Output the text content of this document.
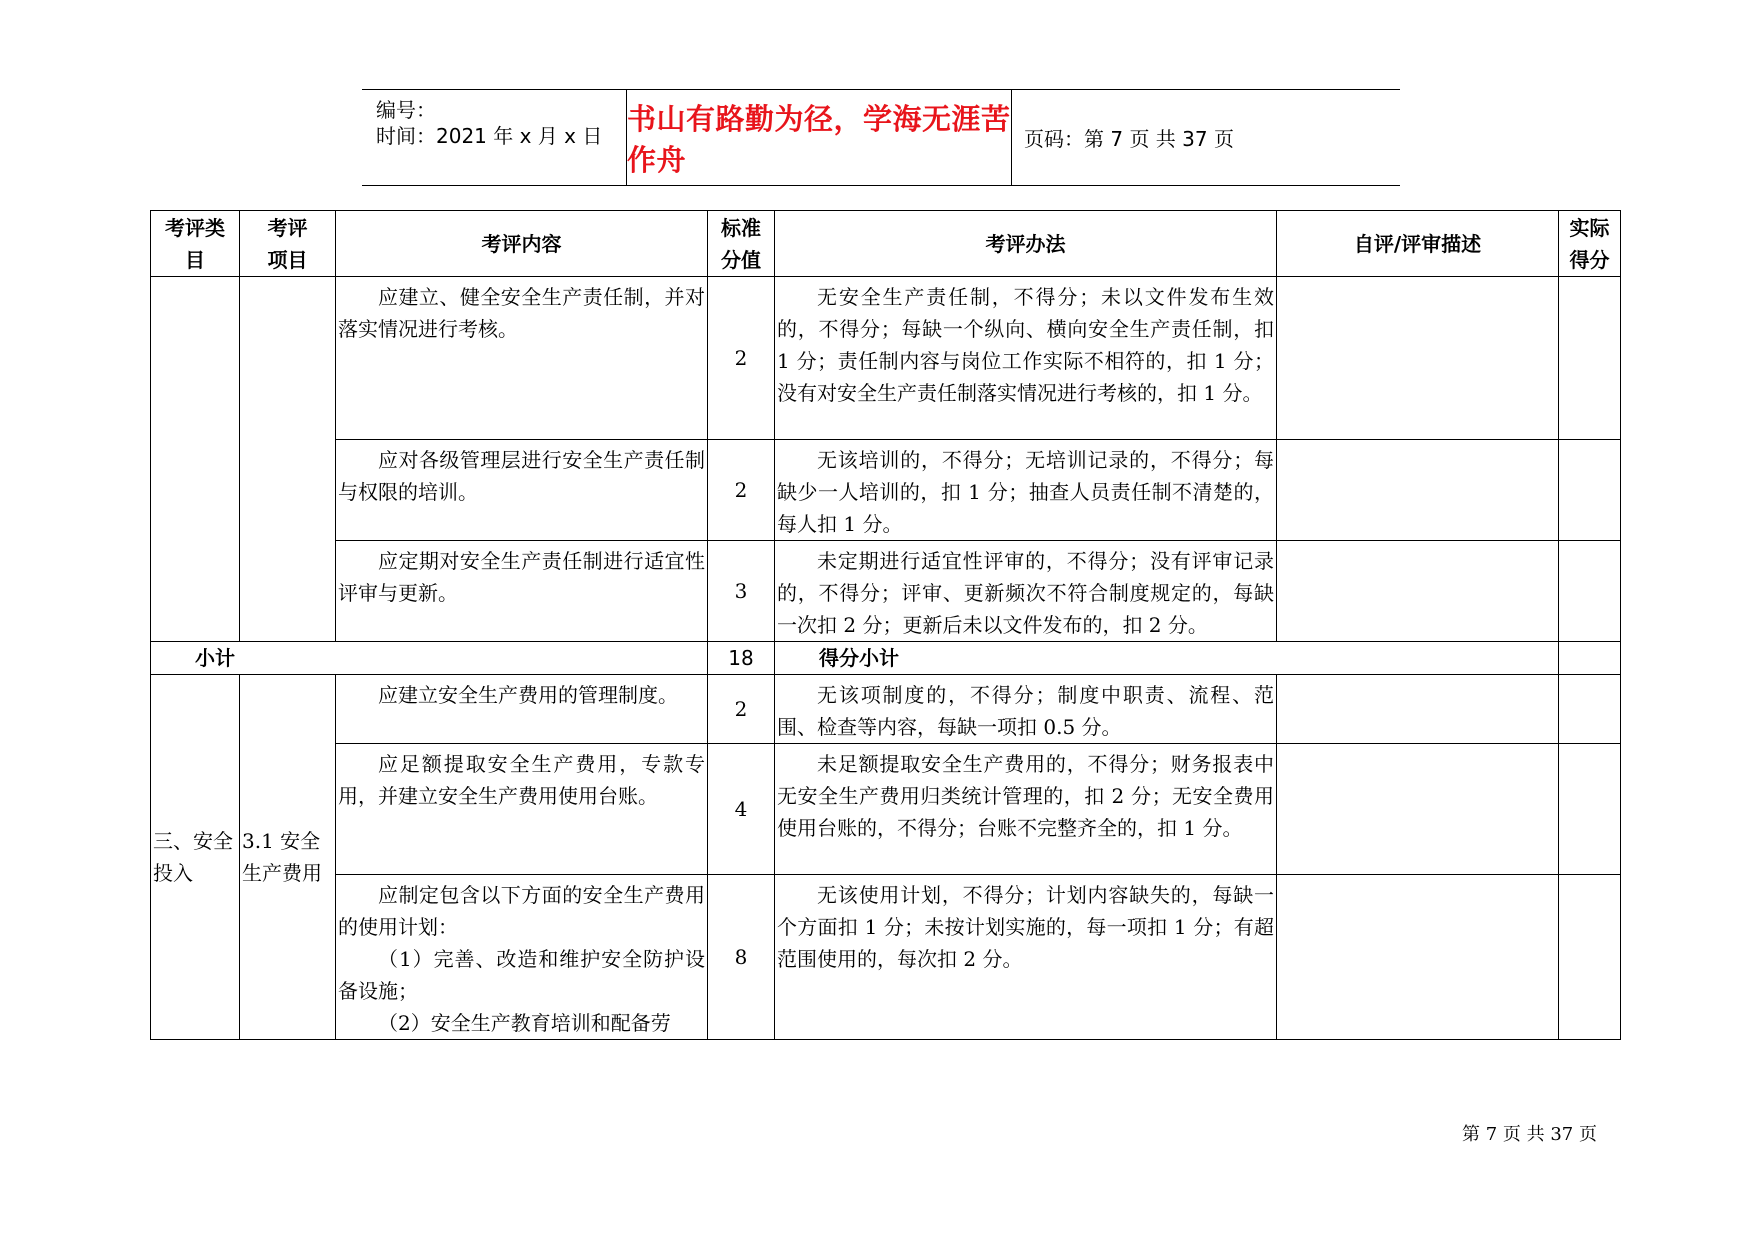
编号：
时间：2021 年 x 月 x 日
书山有路勤为径，学海无涯苦作舟
页码：第 7 页 共 37 页
考评类目	考评项目	考评内容	标准分值	考评办法	自评/评审描述	实际得分

		应建立、健全安全生产责任制，并对落实情况进行考核。	2	无安全生产责任制，不得分；未以文件发布生效的，不得分；每缺一个纵向、横向安全生产责任制，扣 1 分；责任制内容与岗位工作实际不相符的，扣 1 分；没有对安全生产责任制落实情况进行考核的，扣 1 分。		

		应对各级管理层进行安全生产责任制与权限的培训。	2	无该培训的，不得分；无培训记录的，不得分；每缺少一人培训的，扣 1 分；抽查人员责任制不清楚的，每人扣 1 分。		

		应定期对安全生产责任制进行适宜性评审与更新。	3	未定期进行适宜性评审的，不得分；没有评审记录的，不得分；评审、更新频次不符合制度规定的，每缺一次扣 2 分；更新后未以文件发布的，扣 2 分。		

小计			18	得分小计		
三、安全投入	3.1 安全生产费用	应建立安全生产费用的管理制度。	2	无该项制度的，不得分；制度中职责、流程、范围、检查等内容，每缺一项扣 0.5 分。		

		应足额提取安全生产费用，专款专用，并建立安全生产费用使用台账。	4	未足额提取安全生产费用的，不得分；财务报表中无安全生产费用归类统计管理的，扣 2 分；无安全费用使用台账的，不得分；台账不完整齐全的，扣 1 分。		

		应制定包含以下方面的安全生产费用的使用计划：

（1）完善、改造和维护安全防护设备设施；

（2）安全生产教育培训和配备劳	8	无该使用计划，不得分；计划内容缺失的，每缺一个方面扣 1 分；未按计划实施的，每一项扣 1 分；有超范围使用的，每次扣 2 分。		

第 7 页 共 37 页
